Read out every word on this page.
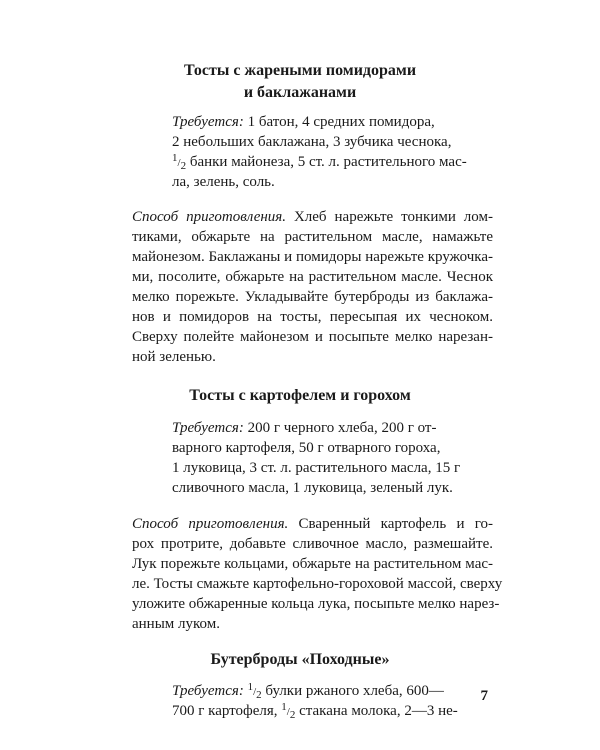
Тосты с жареными помидорами
и баклажанами
Требуется: 1 батон, 4 средних помидора,
2 небольших баклажана, 3 зубчика чеснока,
1/2 банки майонеза, 5 ст. л. растительного мас-
ла, зелень, соль.
Способ приготовления. Хлеб нарежьте тонкими лом-
тиками, обжарьте на растительном масле, намажьте
майонезом. Баклажаны и помидоры нарежьте кружочка-
ми, посолите, обжарьте на растительном масле. Чеснок
мелко порежьте. Укладывайте бутерброды из баклажа-
нов и помидоров на тосты, пересыпая их чесноком.
Сверху полейте майонезом и посыпьте мелко нарезан-
ной зеленью.
Тосты с картофелем и горохом
Требуется: 200 г черного хлеба, 200 г от-
варного картофеля, 50 г отварного гороха,
1 луковица, 3 ст. л. растительного масла, 15 г
сливочного масла, 1 луковица, зеленый лук.
Способ приготовления. Сваренный картофель и го-
рох протрите, добавьте сливочное масло, размешайте.
Лук порежьте кольцами, обжарьте на растительном мас-
ле. Тосты смажьте картофельно-гороховой массой, сверху
уложите обжаренные кольца лука, посыпьте мелко нарез-
анным луком.
Бутерброды «Походные»
Требуется: 1/2 булки ржаного хлеба, 600—
700 г картофеля, 1/2 стакана молока, 2—3 не-
7
